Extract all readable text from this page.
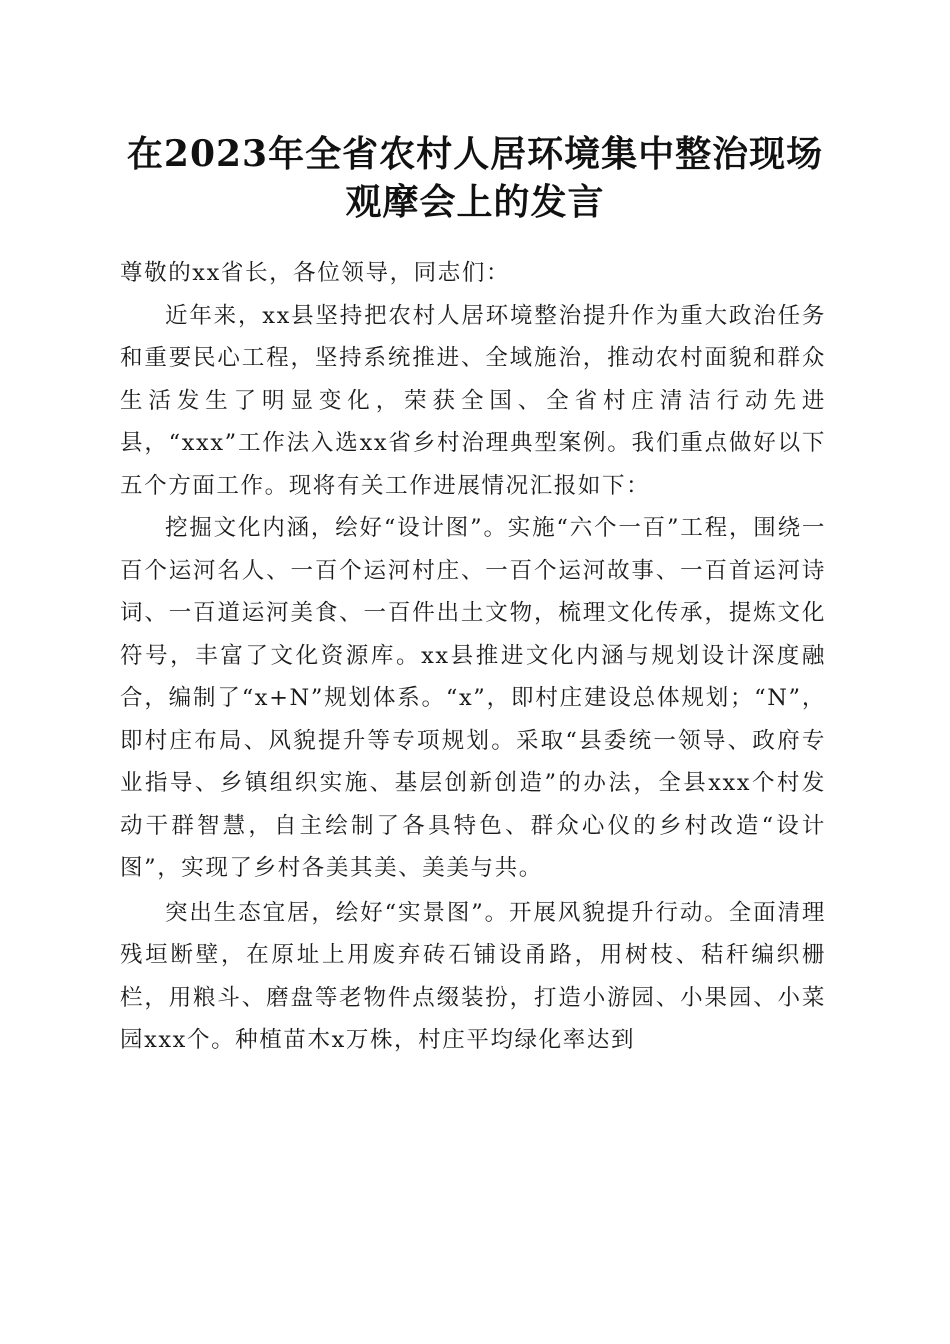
在2023年全省农村人居环境集中整治现场观摩会上的发言

尊敬的xx省长，各位领导，同志们：

近年来，xx县坚持把农村人居环境整治提升作为重大政治任务和重要民心工程，坚持系统推进、全域施治，推动农村面貌和群众生活发生了明显变化，荣获全国、全省村庄清洁行动先进县，“xxx”工作法入选xx省乡村治理典型案例。我们重点做好以下五个方面工作。现将有关工作进展情况汇报如下：

挖掘文化内涵，绘好“设计图”。实施“六个一百”工程，围绕一百个运河名人、一百个运河村庄、一百个运河故事、一百首运河诗词、一百道运河美食、一百件出土文物，梳理文化传承，提炼文化符号，丰富了文化资源库。xx县推进文化内涵与规划设计深度融合，编制了“x+N”规划体系。“x”，即村庄建设总体规划；“N”，即村庄布局、风貌提升等专项规划。采取“县委统一领导、政府专业指导、乡镇组织实施、基层创新创造”的办法，全县xxx个村发动干群智慧，自主绘制了各具特色、群众心仪的乡村改造“设计图”，实现了乡村各美其美、美美与共。

突出生态宜居，绘好“实景图”。开展风貌提升行动。全面清理残垣断壁，在原址上用废弃砖石铺设甬路，用树枝、秸秆编织栅栏，用粮斗、磨盘等老物件点缀装扮，打造小游园、小果园、小菜园xxx个。种植苗木x万株，村庄平均绿化率达到
